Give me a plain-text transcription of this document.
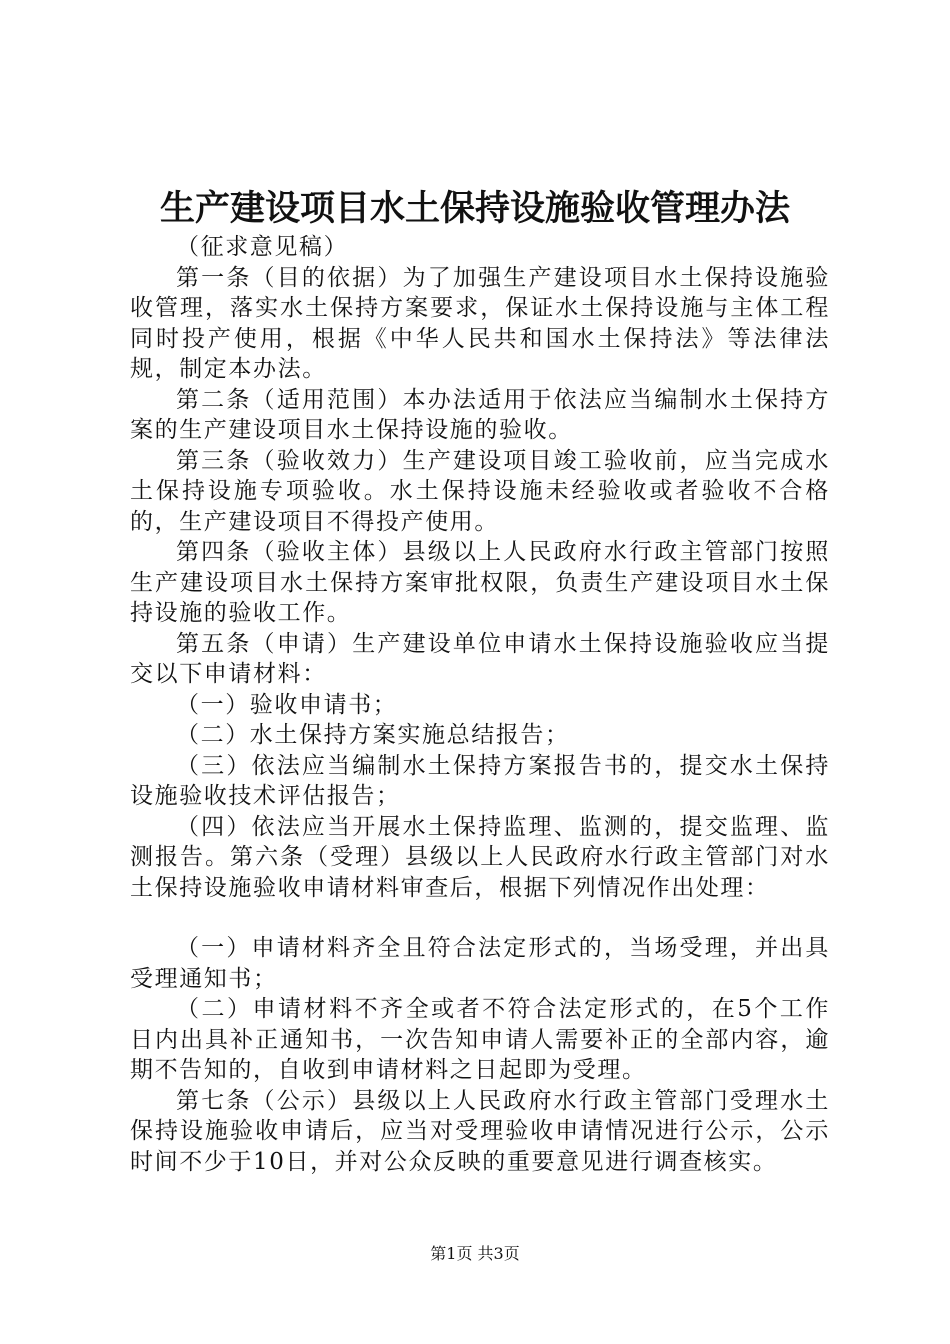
生产建设项目水土保持设施验收管理办法

（征求意见稿）

第一条（目的依据）为了加强生产建设项目水土保持设施验收管理，落实水土保持方案要求，保证水土保持设施与主体工程同时投产使用，根据《中华人民共和国水土保持法》等法律法规，制定本办法。

第二条（适用范围）本办法适用于依法应当编制水土保持方案的生产建设项目水土保持设施的验收。

第三条（验收效力）生产建设项目竣工验收前，应当完成水土保持设施专项验收。水土保持设施未经验收或者验收不合格的，生产建设项目不得投产使用。

第四条（验收主体）县级以上人民政府水行政主管部门按照生产建设项目水土保持方案审批权限，负责生产建设项目水土保持设施的验收工作。

第五条（申请）生产建设单位申请水土保持设施验收应当提交以下申请材料：

（一）验收申请书；

（二）水土保持方案实施总结报告；

（三）依法应当编制水土保持方案报告书的，提交水土保持设施验收技术评估报告；

（四）依法应当开展水土保持监理、监测的，提交监理、监测报告。第六条（受理）县级以上人民政府水行政主管部门对水土保持设施验收申请材料审查后，根据下列情况作出处理：

（一）申请材料齐全且符合法定形式的，当场受理，并出具受理通知书；

（二）申请材料不齐全或者不符合法定形式的，在5个工作日内出具补正通知书，一次告知申请人需要补正的全部内容，逾期不告知的，自收到申请材料之日起即为受理。

第七条（公示）县级以上人民政府水行政主管部门受理水土保持设施验收申请后，应当对受理验收申请情况进行公示，公示时间不少于10日，并对公众反映的重要意见进行调查核实。

第1页 共3页
